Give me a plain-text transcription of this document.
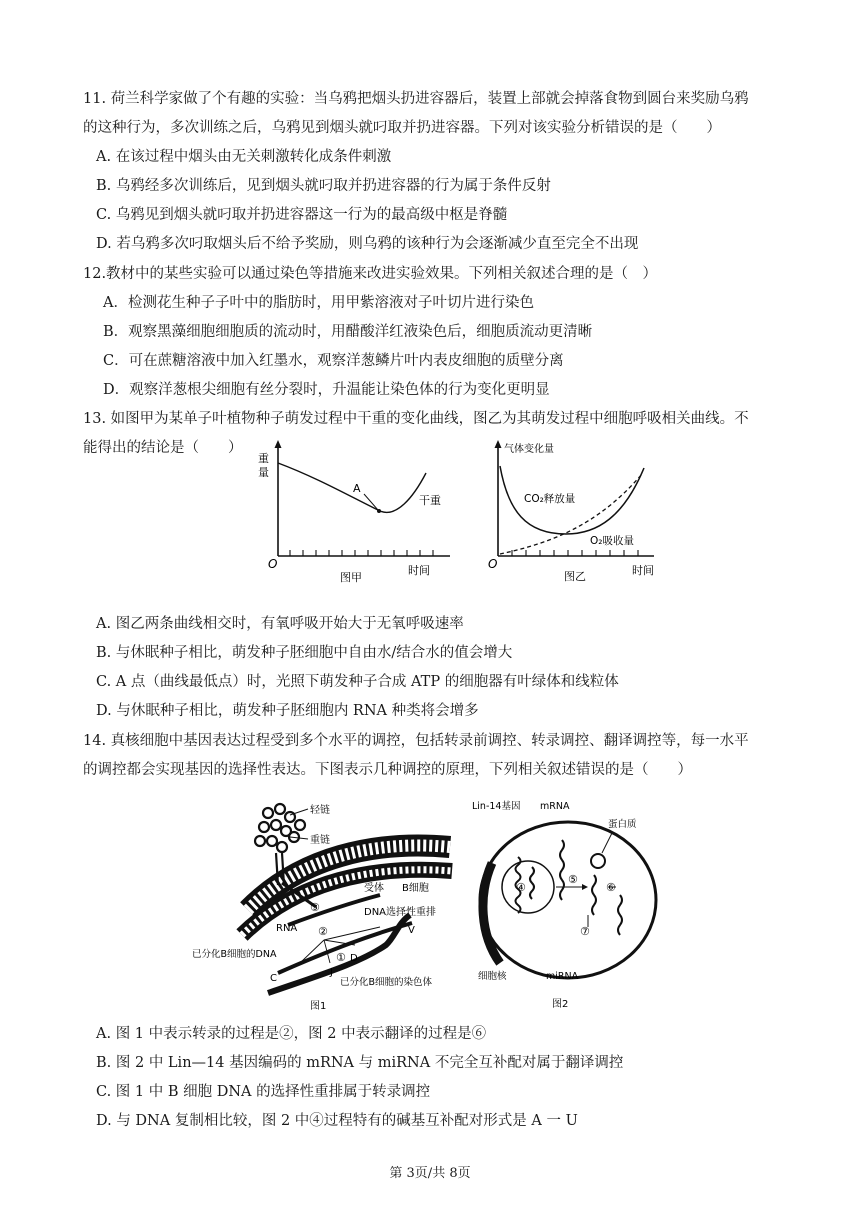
11. 荷兰科学家做了个有趣的实验：当乌鸦把烟头扔进容器后，装置上部就会掉落食物到圆台来奖励乌鸦
的这种行为，多次训练之后，乌鸦见到烟头就叼取并扔进容器。下列对该实验分析错误的是（　　）
A. 在该过程中烟头由无关刺激转化成条件刺激
B. 乌鸦经多次训练后，见到烟头就叼取并扔进容器的行为属于条件反射
C. 乌鸦见到烟头就叼取并扔进容器这一行为的最高级中枢是脊髓
D. 若乌鸦多次叼取烟头后不给予奖励，则乌鸦的该种行为会逐渐减少直至完全不出现
12.教材中的某些实验可以通过染色等措施来改进实验效果。下列相关叙述合理的是（　）
A．检测花生种子子叶中的脂肪时，用甲紫溶液对子叶切片进行染色
B．观察黑藻细胞细胞质的流动时，用醋酸洋红液染色后，细胞质流动更清晰
C．可在蔗糖溶液中加入红墨水，观察洋葱鳞片叶内表皮细胞的质壁分离
D．观察洋葱根尖细胞有丝分裂时，升温能让染色体的行为变化更明显
13. 如图甲为某单子叶植物种子萌发过程中干重的变化曲线，图乙为其萌发过程中细胞呼吸相关曲线。不
能得出的结论是（　　）
重
量
O
A
干重
时间
图甲
气体变化量
O
CO₂释放量
O₂吸收量
时间
图乙
A. 图乙两条曲线相交时，有氧呼吸开始大于无氧呼吸速率
B. 与休眠种子相比，萌发种子胚细胞中自由水/结合水的值会增大
C. A 点（曲线最低点）时，光照下萌发种子合成 ATP 的细胞器有叶绿体和线粒体
D. 与休眠种子相比，萌发种子胚细胞内 RNA 种类将会增多
14. 真核细胞中基因表达过程受到多个水平的调控，包括转录前调控、转录调控、翻译调控等，每一水平
的调控都会实现基因的选择性表达。下图表示几种调控的原理，下列相关叙述错误的是（　　）
轻链
重链
受体 B细胞
③	DNA选择性重排
RNA ②	V
已分化B细胞的DNA	① D
J
C	已分化B细胞的染色体
图1
④
⑤
⑥
⑦
Lin-14基因 mRNA
蛋白质
细胞核	miRNA
图2
A. 图 1 中表示转录的过程是②，图 2 中表示翻译的过程是⑥
B. 图 2 中 Lin—14 基因编码的 mRNA 与 miRNA 不完全互补配对属于翻译调控
C. 图 1 中 B 细胞 DNA 的选择性重排属于转录调控
D. 与 DNA 复制相比较，图 2 中④过程特有的碱基互补配对形式是 A 一 U
第 3页/共 8页
